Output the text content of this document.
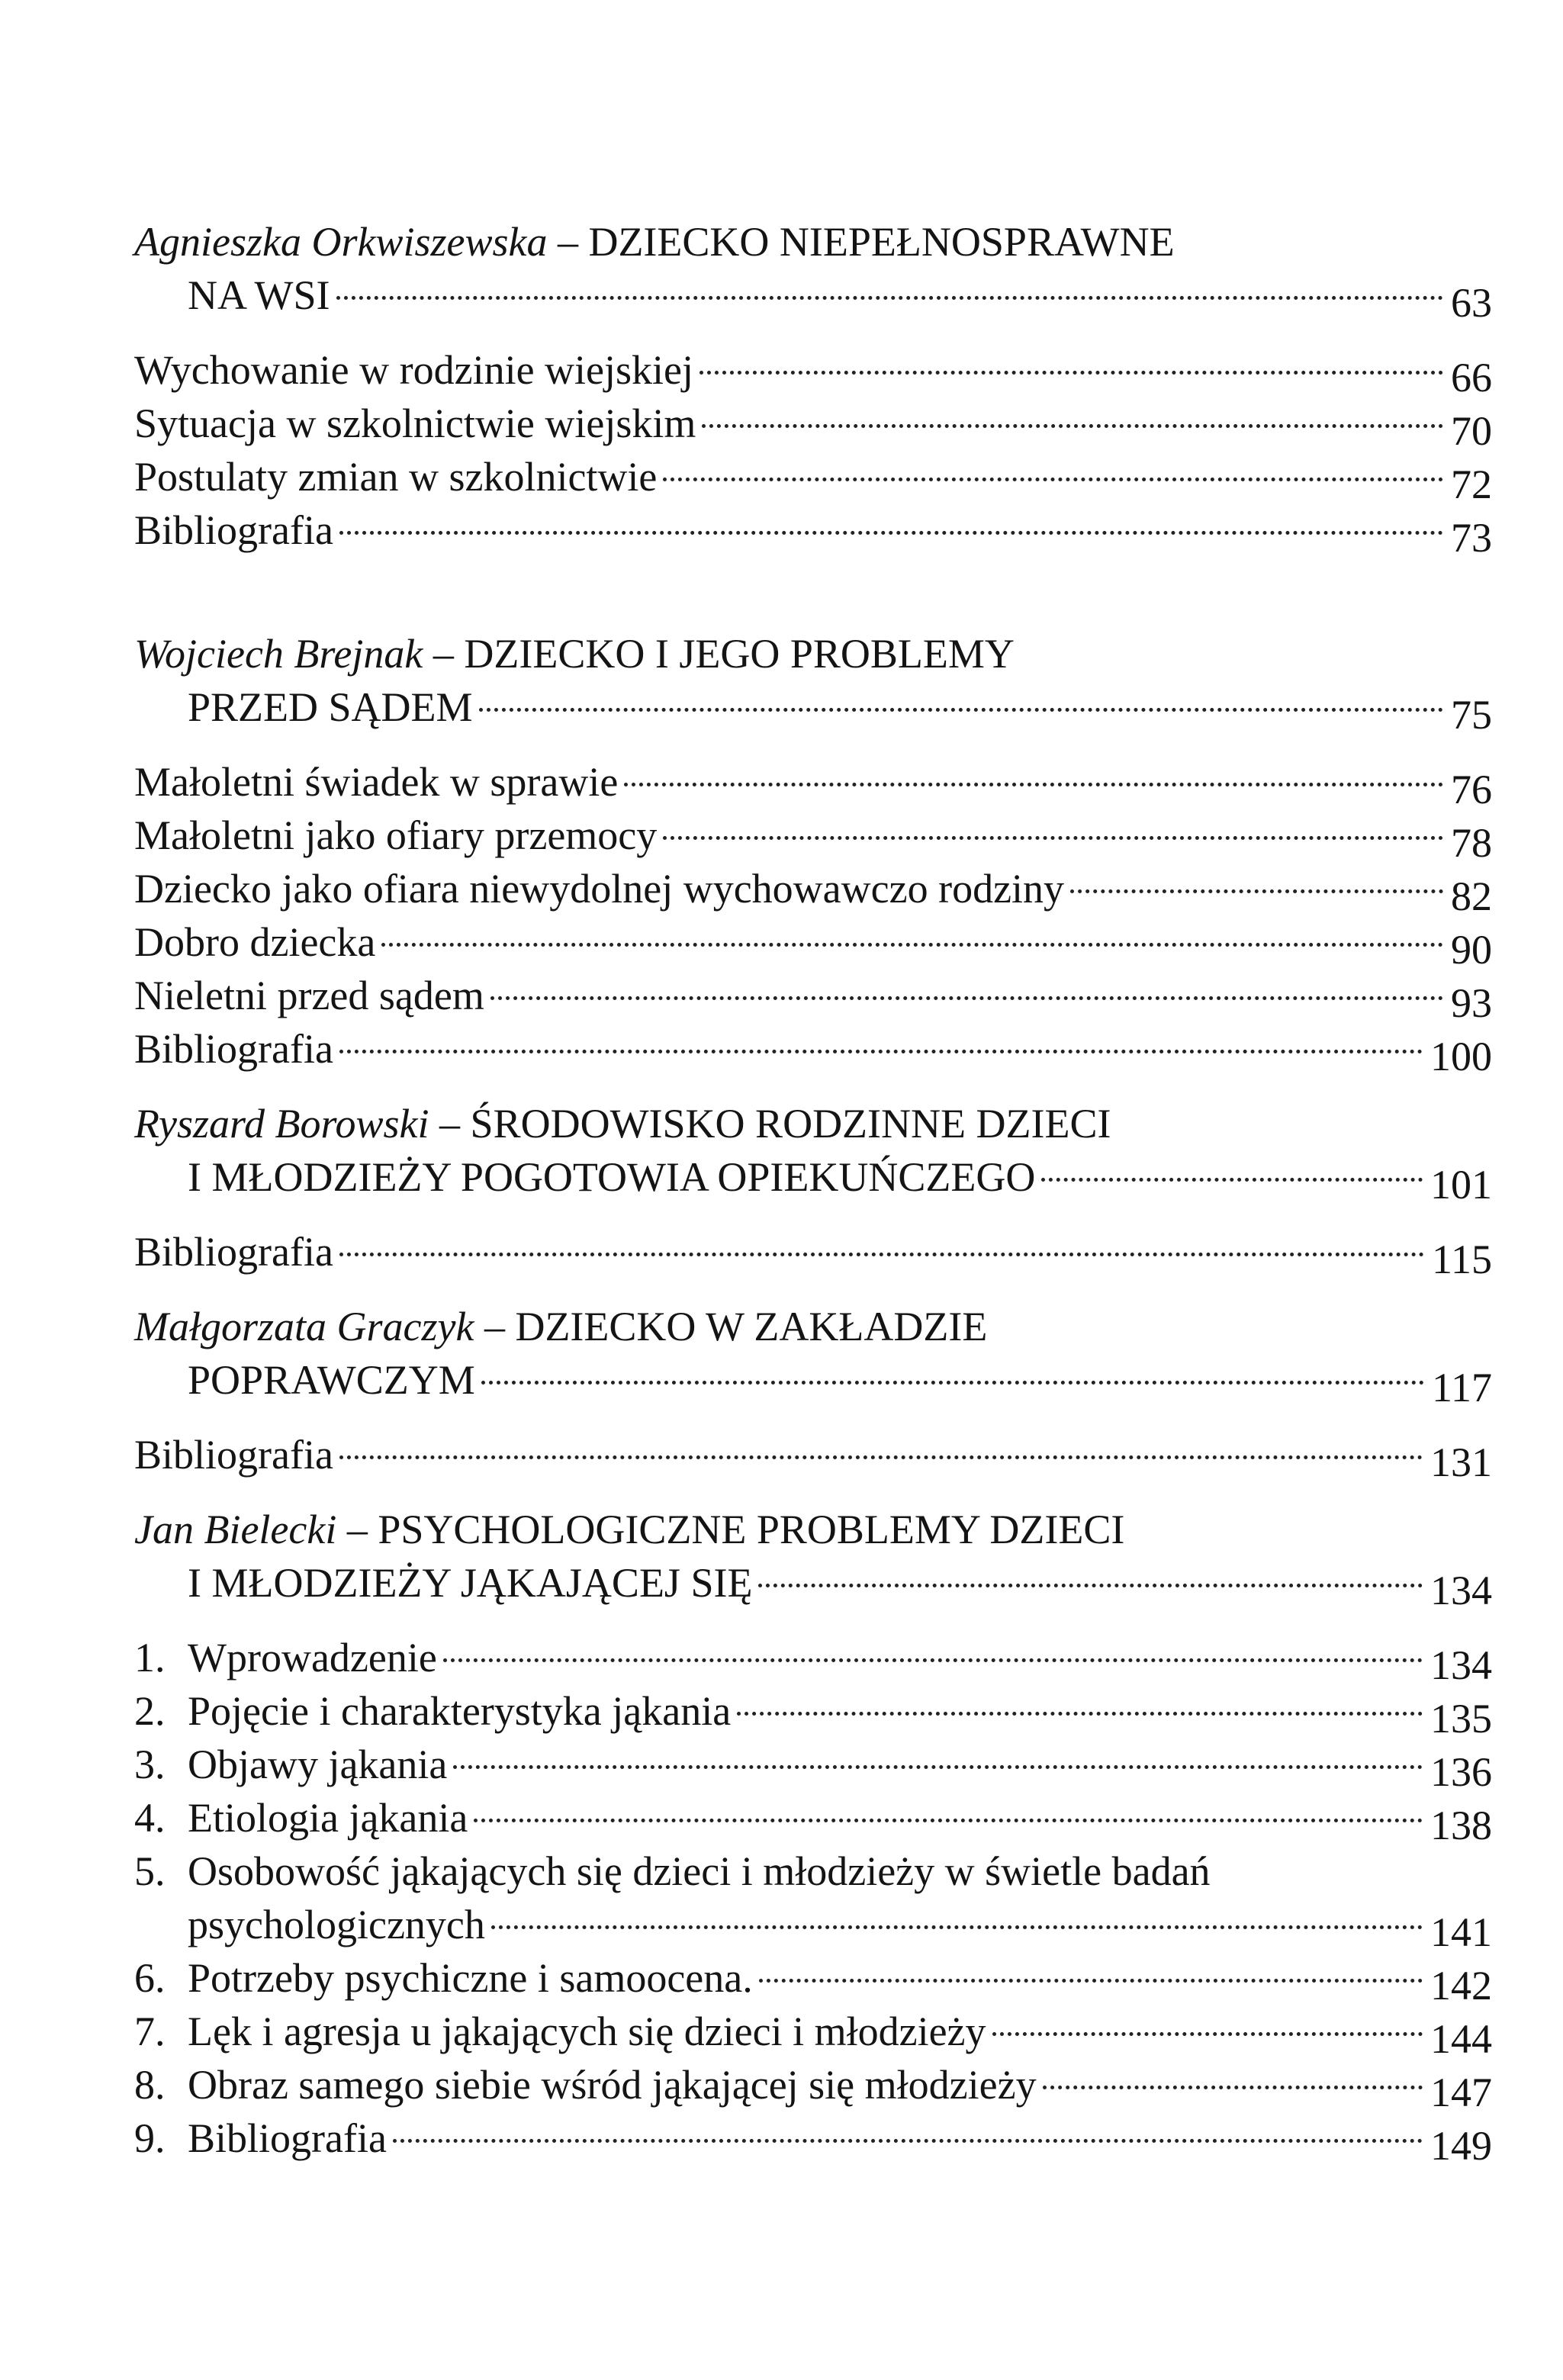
Agnieszka Orkwiszewska – DZIECKO NIEPEŁNOSPRAWNE
NA WSI	63
Wychowanie w rodzinie wiejskiej	66
Sytuacja w szkolnictwie wiejskim	70
Postulaty zmian w szkolnictwie	72
Bibliografia	73
Wojciech Brejnak – DZIECKO I JEGO PROBLEMY
PRZED SĄDEM	75
Małoletni świadek w sprawie	76
Małoletni jako ofiary przemocy	78
Dziecko jako ofiara niewydolnej wychowawczo rodziny	82
Dobro dziecka	90
Nieletni przed sądem	93
Bibliografia	100
Ryszard Borowski – ŚRODOWISKO RODZINNE DZIECI
I MŁODZIEŻY POGOTOWIA OPIEKUŃCZEGO	101
Bibliografia	115
Małgorzata Graczyk – DZIECKO W ZAKŁADZIE
POPRAWCZYM	117
Bibliografia	131
Jan Bielecki – PSYCHOLOGICZNE PROBLEMY DZIECI
I MŁODZIEŻY JĄKAJĄCEJ SIĘ	134
1. Wprowadzenie	134
2. Pojęcie i charakterystyka jąkania	135
3. Objawy jąkania	136
4. Etiologia jąkania	138
5. Osobowość jąkających się dzieci i młodzieży w świetle badań
psychologicznych	141
6. Potrzeby psychiczne i samoocena.	142
7. Lęk i agresja u jąkających się dzieci i młodzieży	144
8. Obraz samego siebie wśród jąkającej się młodzieży	147
9. Bibliografia	149
